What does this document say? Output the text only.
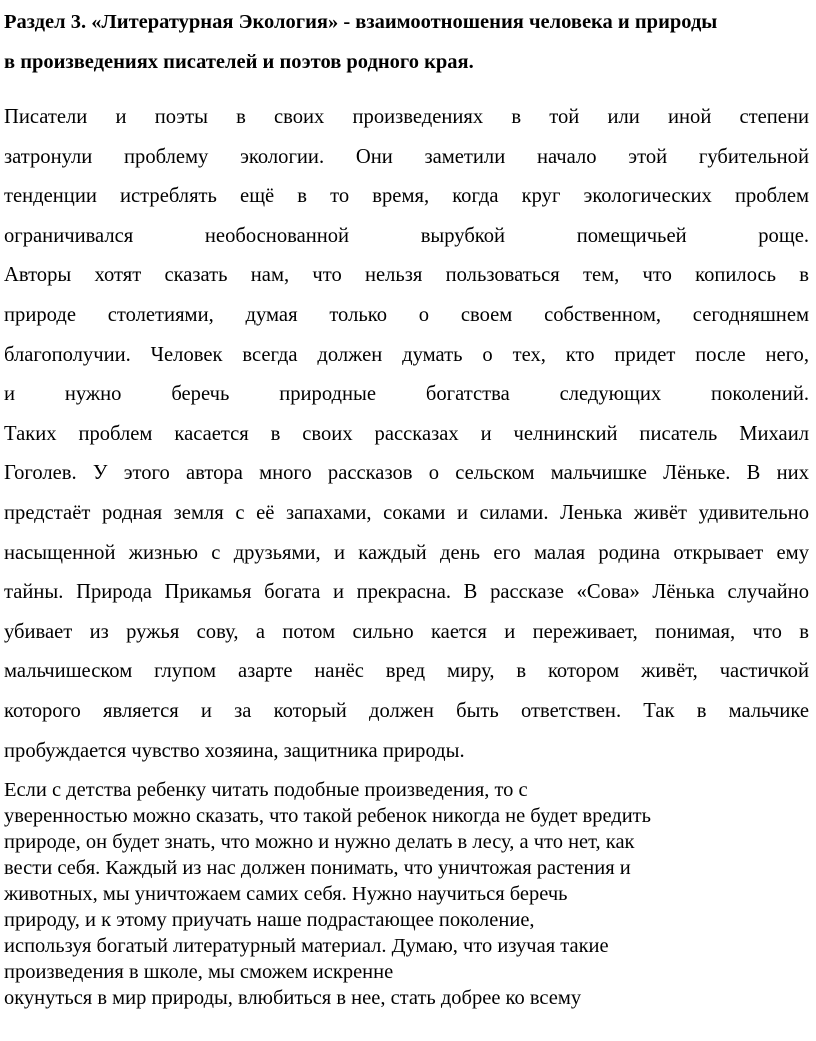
Раздел 3. «Литературная Экология» - взаимоотношения человека и природы
в произведениях писателей и поэтов родного края.

Писатели и поэты в своих произведениях в той или иной степени
затронули проблему экологии. Они заметили начало этой губительной
тенденции истреблять ещё в то время, когда круг экологических проблем
ограничивался необоснованной вырубкой помещичьей роще.
Авторы хотят сказать нам, что нельзя пользоваться тем, что копилось в
природе столетиями, думая только о своем собственном, сегодняшнем
благополучии. Человек всегда должен думать о тех, кто придет после него,
и нужно беречь природные богатства следующих поколений.
Таких проблем касается в своих рассказах и челнинский писатель Михаил
Гоголев. У этого автора много рассказов о сельском мальчишке Лёньке. В них
предстаёт родная земля с её запахами, соками и силами. Ленька живёт удивительно
насыщенной жизнью с друзьями, и каждый день его малая родина открывает ему
тайны. Природа Прикамья богата и прекрасна. В рассказе «Сова» Лёнька случайно
убивает из ружья сову, а потом сильно кается и переживает, понимая, что в
мальчишеском глупом азарте нанёс вред миру, в котором живёт, частичкой
которого является и за который должен быть ответствен. Так в мальчике
пробуждается чувство хозяина, защитника природы.

Если с детства ребенку читать подобные произведения, то с
уверенностью можно сказать, что такой ребенок никогда не будет вредить
природе, он будет знать, что можно и нужно делать в лесу, а что нет, как
вести себя. Каждый из нас должен понимать, что уничтожая растения и
животных, мы уничтожаем самих себя. Нужно научиться беречь
природу, и к этому приучать наше подрастающее поколение,
используя богатый литературный материал. Думаю, что изучая такие
произведения в школе, мы сможем искренне
окунуться в мир природы, влюбиться в нее, стать добрее ко всему
